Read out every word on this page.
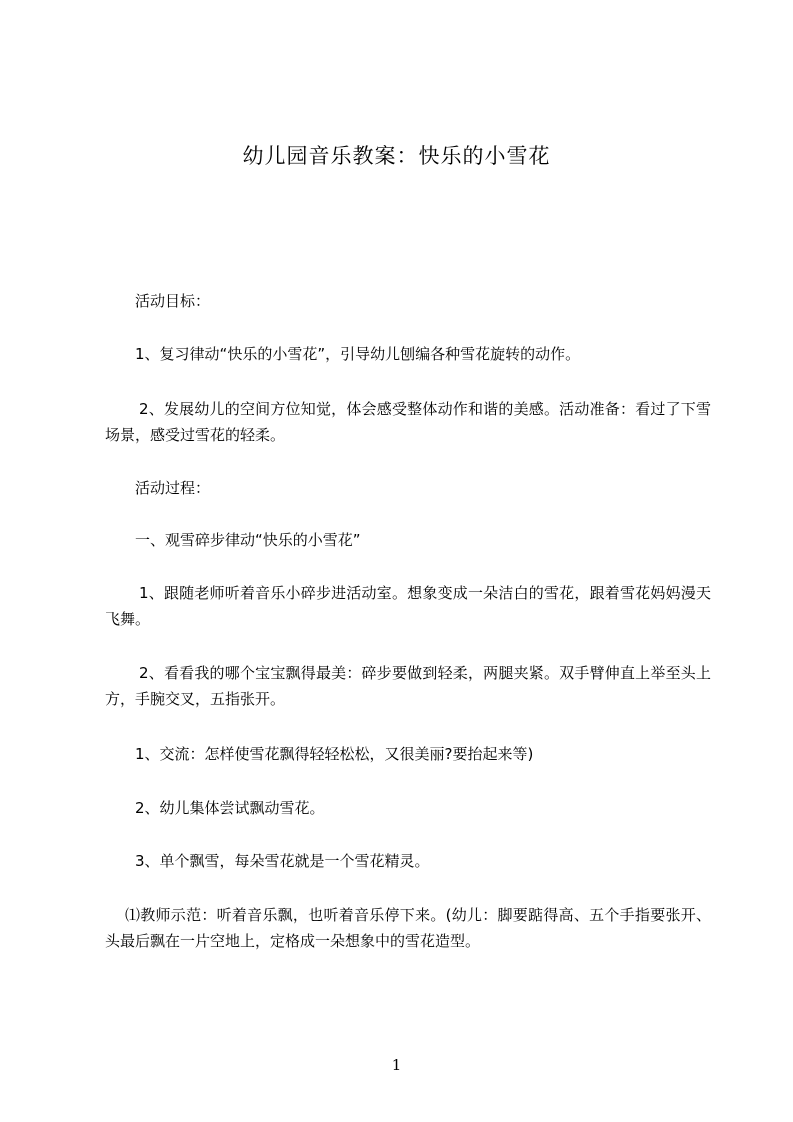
幼儿园音乐教案：快乐的小雪花

活动目标：

1、复习律动“快乐的小雪花”，引导幼儿刨编各种雪花旋转的动作。

2、发展幼儿的空间方位知觉，体会感受整体动作和谐的美感。活动准备：看过了下雪场景，感受过雪花的轻柔。

活动过程：

一、观雪碎步律动“快乐的小雪花”

1、跟随老师听着音乐小碎步进活动室。想象变成一朵洁白的雪花，跟着雪花妈妈漫天飞舞。

2、看看我的哪个宝宝飘得最美：碎步要做到轻柔，两腿夹紧。双手臂伸直上举至头上方，手腕交叉，五指张开。

1、交流：怎样使雪花飘得轻轻松松，又很美丽?要抬起来等)

2、幼儿集体尝试飘动雪花。

3、单个飘雪，每朵雪花就是一个雪花精灵。

⑴教师示范：听着音乐飘，也听着音乐停下来。(幼儿：脚要踮得高、五个手指要张开、头最后飘在一片空地上，定格成一朵想象中的雪花造型。

1
